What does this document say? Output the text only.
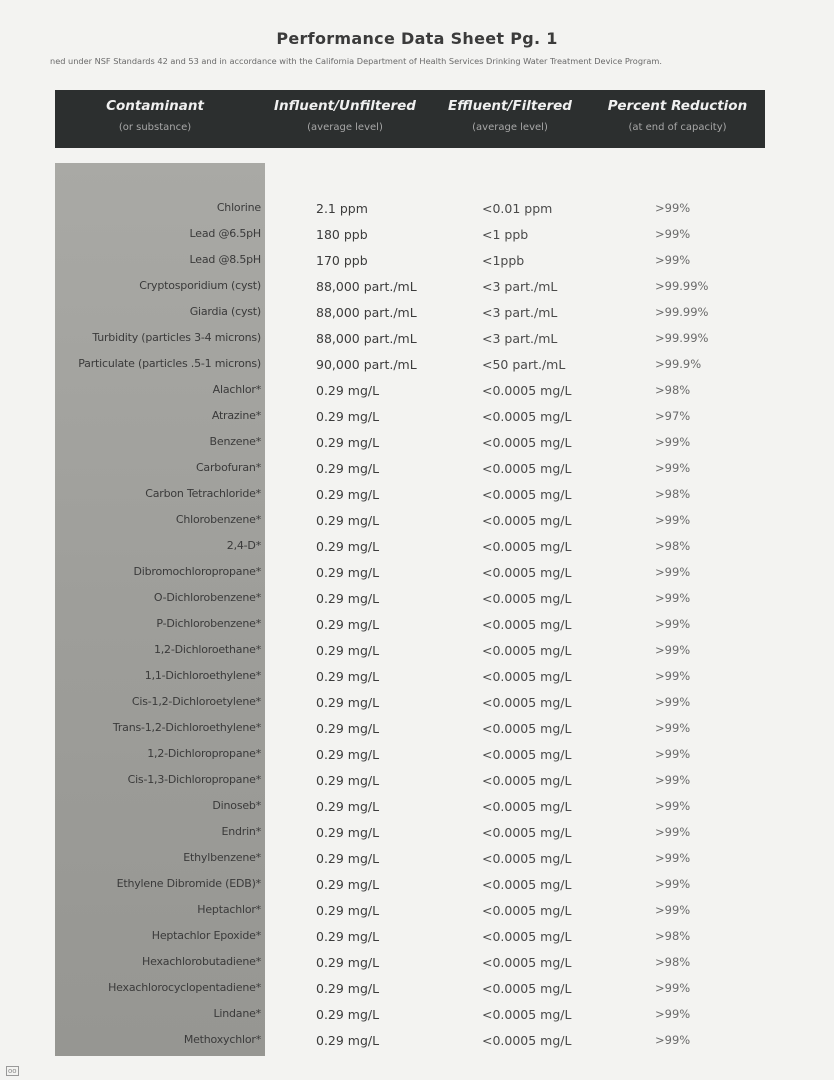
Performance Data Sheet Pg. 1
ned under NSF Standards 42 and 53 and in accordance with the California Department of Health Services Drinking Water Treatment Device Program.
Contaminant
(or substance)
Influent/Unfiltered
(average level)
Effluent/Filtered
(average level)
Percent Reduction
(at end of capacity)
Chlorine	2.1 ppm	<0.01 ppm	>99%
Lead @6.5pH	180 ppb	<1 ppb	>99%
Lead @8.5pH	170 ppb	<1ppb	>99%
Cryptosporidium (cyst)	88,000 part./mL	<3 part./mL	>99.99%
Giardia (cyst)	88,000 part./mL	<3 part./mL	>99.99%
Turbidity (particles 3-4 microns)	88,000 part./mL	<3 part./mL	>99.99%
Particulate (particles .5-1 microns)	90,000 part./mL	<50 part./mL	>99.9%
Alachlor*	0.29 mg/L	<0.0005 mg/L	>98%
Atrazine*	0.29 mg/L	<0.0005 mg/L	>97%
Benzene*	0.29 mg/L	<0.0005 mg/L	>99%
Carbofuran*	0.29 mg/L	<0.0005 mg/L	>99%
Carbon Tetrachloride*	0.29 mg/L	<0.0005 mg/L	>98%
Chlorobenzene*	0.29 mg/L	<0.0005 mg/L	>99%
2,4-D*	0.29 mg/L	<0.0005 mg/L	>98%
Dibromochloropropane*	0.29 mg/L	<0.0005 mg/L	>99%
O-Dichlorobenzene*	0.29 mg/L	<0.0005 mg/L	>99%
P-Dichlorobenzene*	0.29 mg/L	<0.0005 mg/L	>99%
1,2-Dichloroethane*	0.29 mg/L	<0.0005 mg/L	>99%
1,1-Dichloroethylene*	0.29 mg/L	<0.0005 mg/L	>99%
Cis-1,2-Dichloroetylene*	0.29 mg/L	<0.0005 mg/L	>99%
Trans-1,2-Dichloroethylene*	0.29 mg/L	<0.0005 mg/L	>99%
1,2-Dichloropropane*	0.29 mg/L	<0.0005 mg/L	>99%
Cis-1,3-Dichloropropane*	0.29 mg/L	<0.0005 mg/L	>99%
Dinoseb*	0.29 mg/L	<0.0005 mg/L	>99%
Endrin*	0.29 mg/L	<0.0005 mg/L	>99%
Ethylbenzene*	0.29 mg/L	<0.0005 mg/L	>99%
Ethylene Dibromide (EDB)*	0.29 mg/L	<0.0005 mg/L	>99%
Heptachlor*	0.29 mg/L	<0.0005 mg/L	>99%
Heptachlor Epoxide*	0.29 mg/L	<0.0005 mg/L	>98%
Hexachlorobutadiene*	0.29 mg/L	<0.0005 mg/L	>98%
Hexachlorocyclopentadiene*	0.29 mg/L	<0.0005 mg/L	>99%
Lindane*	0.29 mg/L	<0.0005 mg/L	>99%
Methoxychlor*	0.29 mg/L	<0.0005 mg/L	>99%
oo
